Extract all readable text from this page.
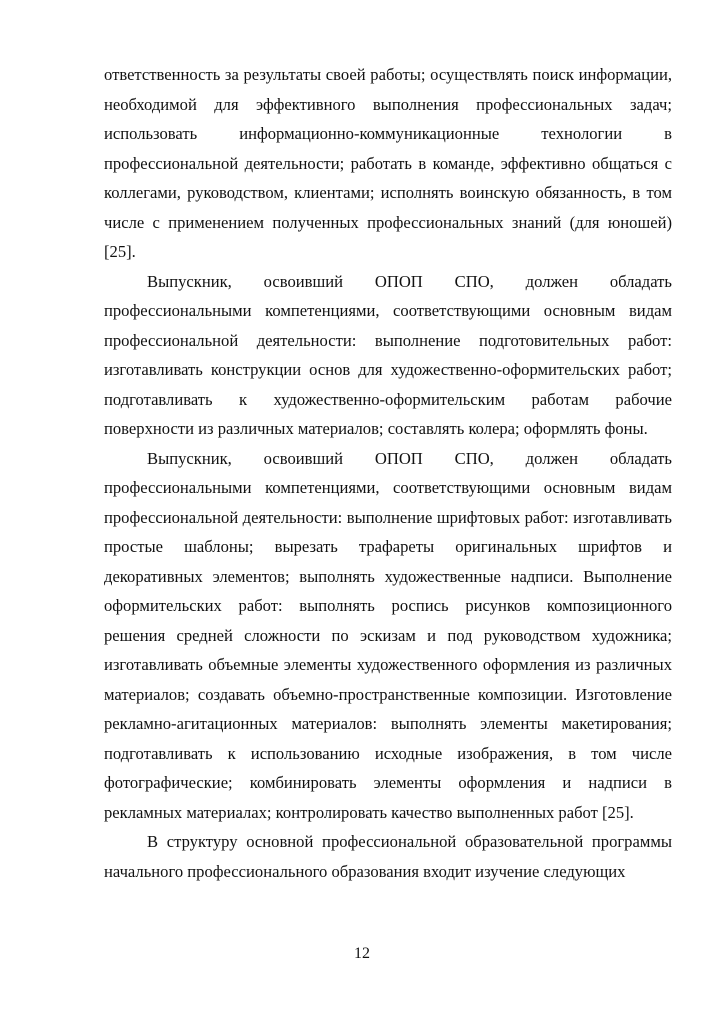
ответственность за результаты своей работы; осуществлять поиск информации, необходимой для эффективного выполнения профессиональных задач; использовать информационно-коммуникационные технологии в профессиональной деятельности; работать в команде, эффективно общаться с коллегами, руководством, клиентами; исполнять воинскую обязанность, в том числе с применением полученных профессиональных знаний (для юношей) [25].

Выпускник, освоивший ОПОП СПО, должен обладать профессиональными компетенциями, соответствующими основным видам профессиональной деятельности: выполнение подготовительных работ: изготавливать конструкции основ для художественно-оформительских работ; подготавливать к художественно-оформительским работам рабочие поверхности из различных материалов; составлять колера; оформлять фоны.

Выпускник, освоивший ОПОП СПО, должен обладать профессиональными компетенциями, соответствующими основным видам профессиональной деятельности: выполнение шрифтовых работ: изготавливать простые шаблоны; вырезать трафареты оригинальных шрифтов и декоративных элементов; выполнять художественные надписи. Выполнение оформительских работ: выполнять роспись рисунков композиционного решения средней сложности по эскизам и под руководством художника; изготавливать объемные элементы художественного оформления из различных материалов; создавать объемно-пространственные композиции. Изготовление рекламно-агитационных материалов: выполнять элементы макетирования; подготавливать к использованию исходные изображения, в том числе фотографические; комбинировать элементы оформления и надписи в рекламных материалах; контролировать качество выполненных работ [25].

В структуру основной профессиональной образовательной программы начального профессионального образования входит изучение следующих

12
